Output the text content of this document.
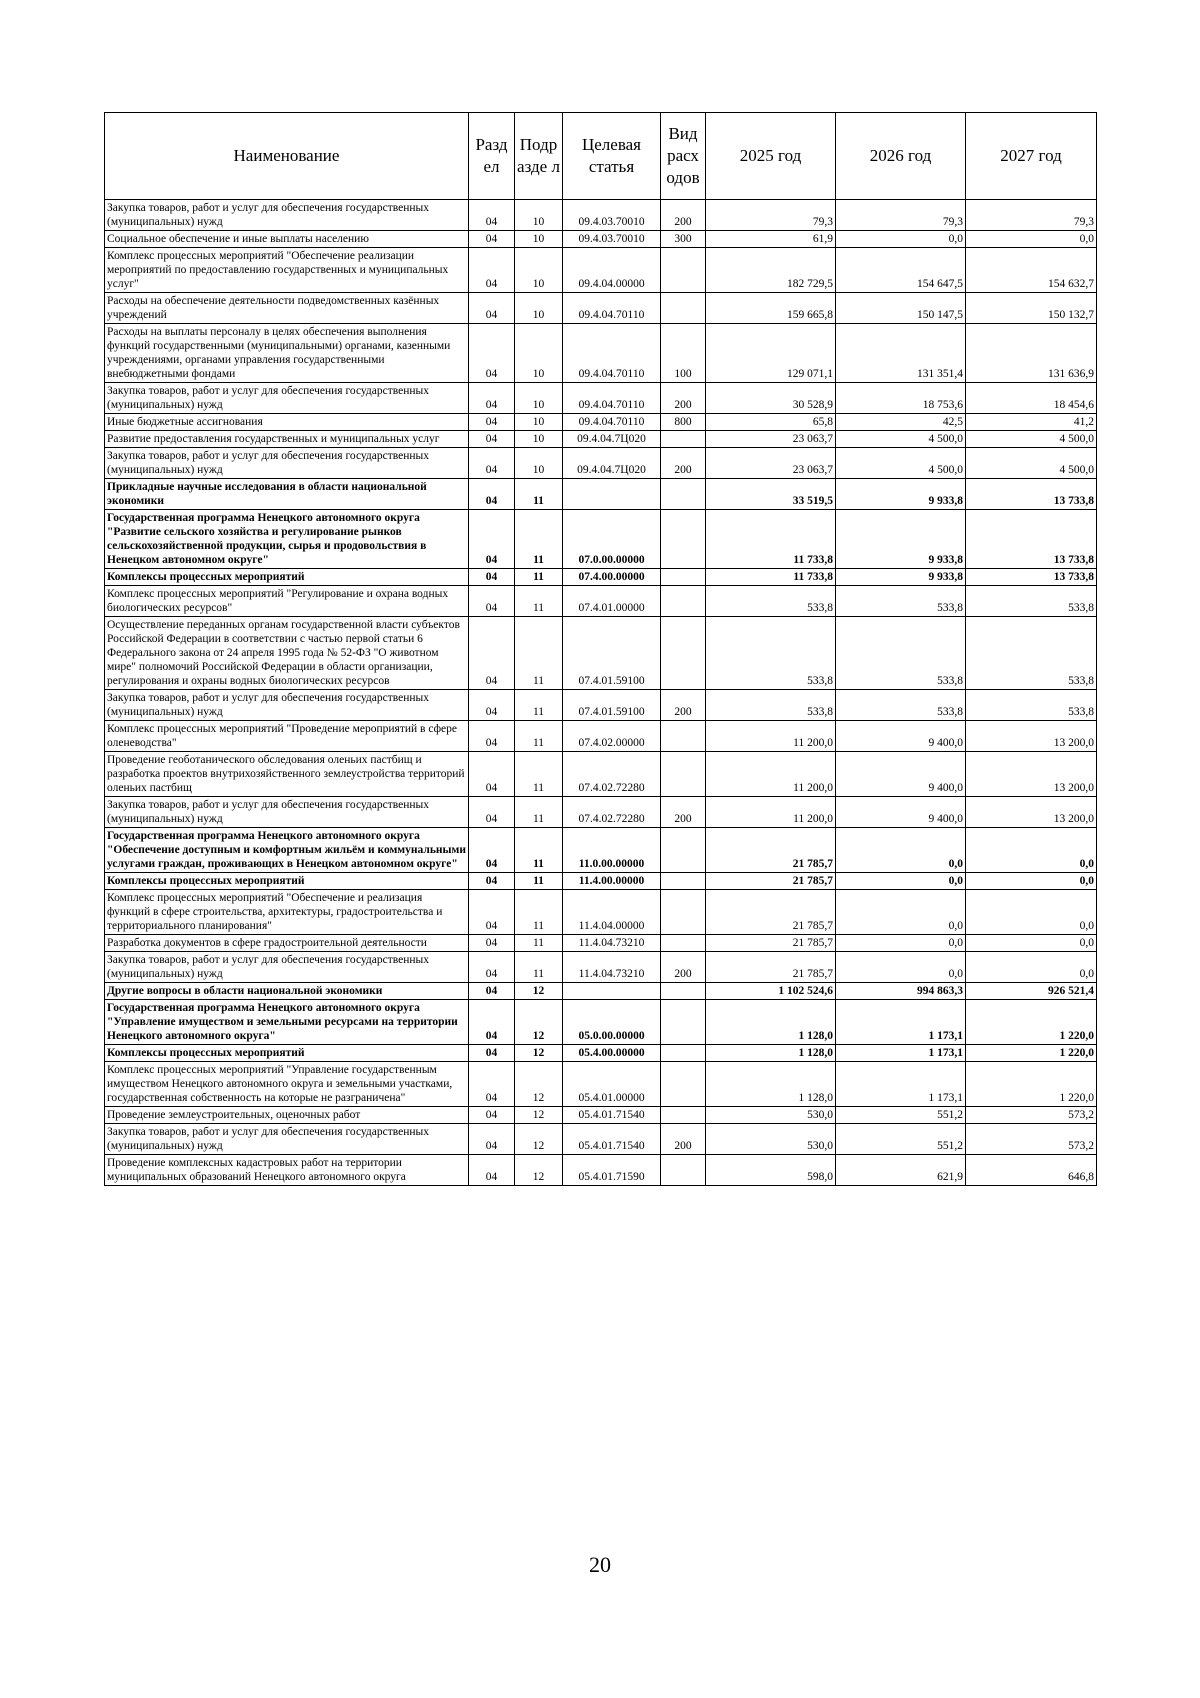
Наименование	Разд ел	Подр азде л	Целевая статья	Вид расх одов	2025 год	2026 год	2027 год
Закупка товаров, работ и услуг для обеспечения государственных (муниципальных) нужд	04	10	09.4.03.70010	200	79,3	79,3	79,3
Социальное обеспечение и иные выплаты населению	04	10	09.4.03.70010	300	61,9	0,0	0,0
Комплекс процессных мероприятий "Обеспечение реализации мероприятий по предоставлению государственных и муниципальных услуг"	04	10	09.4.04.00000		182 729,5	154 647,5	154 632,7
Расходы на обеспечение деятельности подведомственных казённых учреждений	04	10	09.4.04.70110		159 665,8	150 147,5	150 132,7
Расходы на выплаты персоналу в целях обеспечения выполнения функций государственными (муниципальными) органами, казенными учреждениями, органами управления государственными внебюджетными фондами	04	10	09.4.04.70110	100	129 071,1	131 351,4	131 636,9
Закупка товаров, работ и услуг для обеспечения государственных (муниципальных) нужд	04	10	09.4.04.70110	200	30 528,9	18 753,6	18 454,6
Иные бюджетные ассигнования	04	10	09.4.04.70110	800	65,8	42,5	41,2
Развитие предоставления государственных и муниципальных услуг	04	10	09.4.04.7Ц020		23 063,7	4 500,0	4 500,0
Закупка товаров, работ и услуг для обеспечения государственных (муниципальных) нужд	04	10	09.4.04.7Ц020	200	23 063,7	4 500,0	4 500,0
Прикладные научные исследования в области национальной экономики	04	11			33 519,5	9 933,8	13 733,8
Государственная программа Ненецкого автономного округа "Развитие сельского хозяйства и регулирование рынков сельскохозяйственной продукции, сырья и продовольствия в Ненецком автономном округе"	04	11	07.0.00.00000		11 733,8	9 933,8	13 733,8
Комплексы процессных мероприятий	04	11	07.4.00.00000		11 733,8	9 933,8	13 733,8
Комплекс процессных мероприятий "Регулирование и охрана водных биологических ресурсов"	04	11	07.4.01.00000		533,8	533,8	533,8
Осуществление переданных органам государственной власти субъектов Российской Федерации в соответствии с частью первой статьи 6 Федерального закона от 24 апреля 1995 года № 52-ФЗ "О животном мире" полномочий Российской Федерации в области организации, регулирования и охраны водных биологических ресурсов	04	11	07.4.01.59100		533,8	533,8	533,8
Закупка товаров, работ и услуг для обеспечения государственных (муниципальных) нужд	04	11	07.4.01.59100	200	533,8	533,8	533,8
Комплекс процессных мероприятий "Проведение мероприятий в сфере оленеводства"	04	11	07.4.02.00000		11 200,0	9 400,0	13 200,0
Проведение геоботанического обследования оленьих пастбищ и разработка проектов внутрихозяйственного землеустройства территорий оленьих пастбищ	04	11	07.4.02.72280		11 200,0	9 400,0	13 200,0
Закупка товаров, работ и услуг для обеспечения государственных (муниципальных) нужд	04	11	07.4.02.72280	200	11 200,0	9 400,0	13 200,0
Государственная программа Ненецкого автономного округа "Обеспечение доступным и комфортным жильём и коммунальными услугами граждан, проживающих в Ненецком автономном округе"	04	11	11.0.00.00000		21 785,7	0,0	0,0
Комплексы процессных мероприятий	04	11	11.4.00.00000		21 785,7	0,0	0,0
Комплекс процессных мероприятий "Обеспечение и реализация функций в сфере строительства, архитектуры, градостроительства и территориального планирования"	04	11	11.4.04.00000		21 785,7	0,0	0,0
Разработка документов в сфере градостроительной деятельности	04	11	11.4.04.73210		21 785,7	0,0	0,0
Закупка товаров, работ и услуг для обеспечения государственных (муниципальных) нужд	04	11	11.4.04.73210	200	21 785,7	0,0	0,0
Другие вопросы в области национальной экономики	04	12			1 102 524,6	994 863,3	926 521,4
Государственная программа Ненецкого автономного округа "Управление имуществом и земельными ресурсами на территории Ненецкого автономного округа"	04	12	05.0.00.00000		1 128,0	1 173,1	1 220,0
Комплексы процессных мероприятий	04	12	05.4.00.00000		1 128,0	1 173,1	1 220,0
Комплекс процессных мероприятий "Управление государственным имуществом Ненецкого автономного округа и земельными участками, государственная собственность на которые не разграничена"	04	12	05.4.01.00000		1 128,0	1 173,1	1 220,0
Проведение землеустроительных, оценочных работ	04	12	05.4.01.71540		530,0	551,2	573,2
Закупка товаров, работ и услуг для обеспечения государственных (муниципальных) нужд	04	12	05.4.01.71540	200	530,0	551,2	573,2
Проведение комплексных кадастровых работ на территории муниципальных образований Ненецкого автономного округа	04	12	05.4.01.71590		598,0	621,9	646,8
20
